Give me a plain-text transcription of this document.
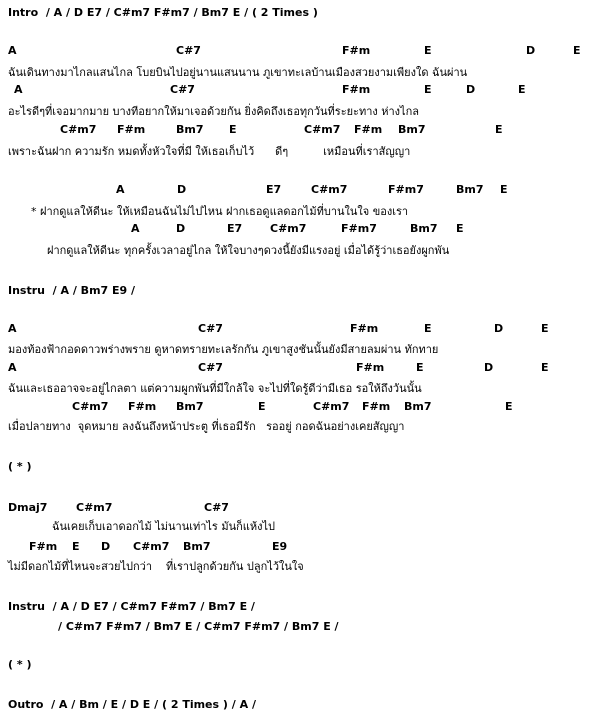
Intro  / A / D E7 / C#m7 F#m7 / Bm7 E / ( 2 Times )
A	C#7	F#m	E	D	E
ฉันเดินทางมาไกลแสนไกล โบยบินไปอยู่นานแสนนาน ภูเขาทะเลบ้านเมืองสวยงามเพียงใด ฉันผ่าน
A	C#7	F#m	E	D	E
อะไรดีๆที่เจอมากมาย บางทีอยากให้มาเจอด้วยกัน ยิ่งคิดถึงเธอทุกวันที่ระยะทาง ห่างไกล
C#m7 F#m	Bm7 E	C#m7 F#m Bm7	E
เพราะฉันฝาก ความรัก หมดทั้งหัวใจที่มี ให้เธอเก็บไว้      ดีๆ          เหมือนที่เราสัญญา
A	D	E7	C#m7	F#m7	Bm7 E
* ฝากดูแลให้ดีนะ ให้เหมือนฉันไม่ไปไหน ฝากเธอดูแลดอกไม้ที่บานในใจ ของเรา
A	D	E7	C#m7	F#m7	Bm7 E
ฝากดูแลให้ดีนะ ทุกครั้งเวลาอยู่ไกล ให้ใจบางๆดวงนี้ยังมีแรงอยู่ เมื่อได้รู้ว่าเธอยังผูกพัน
Instru  / A / Bm7 E9 /
A	C#7	F#m	E	D	E
มองท้องฟ้ากอดดาวพร่างพราย ดูหาดทรายทะเลรักกัน ภูเขาสูงชันนั้นยังมีสายลมผ่าน ทักทาย
A	C#7	F#m	E	D	E
ฉันและเธออาจจะอยู่ไกลตา แต่ความผูกพันที่มีใกล้ใจ จะไปที่ใดรู้ดีว่ามีเธอ รอให้ถึงวันนั้น
C#m7 F#m Bm7	E	C#m7 F#m Bm7	E
เมื่อปลายทาง  จุดหมาย ลงฉันถึงหน้าประตู ที่เธอมีรัก   รออยู่ กอดฉันอย่างเคยสัญญา
( * )
Dmaj7	C#m7	C#7
ฉันเคยเก็บเอาดอกไม้ ไม่นานเท่าไร มันก็แห้งไป
F#m E D C#m7 Bm7	E9
ไม่มีดอกไม้ที่ไหนจะสวยไปกว่า    ที่เราปลูกด้วยกัน ปลูกไว้ในใจ
Instru  / A / D E7 / C#m7 F#m7 / Bm7 E /
/ C#m7 F#m7 / Bm7 E / C#m7 F#m7 / Bm7 E /
( * )
Outro  / A / Bm / E / D E / ( 2 Times ) / A /
